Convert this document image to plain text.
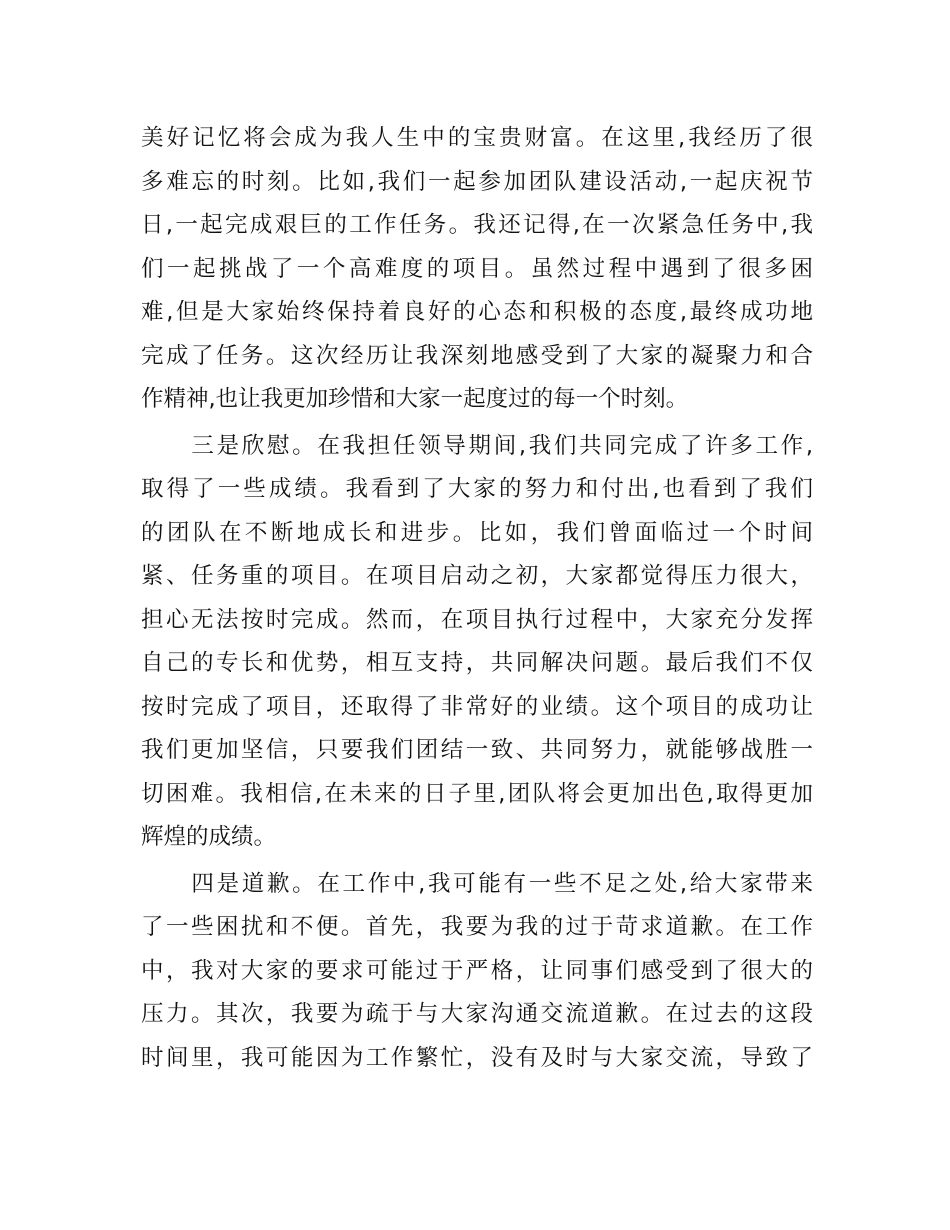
美好记忆将会成为我人生中的宝贵财富。在这里,我经历了很
多难忘的时刻。比如,我们一起参加团队建设活动,一起庆祝节
日,一起完成艰巨的工作任务。我还记得,在一次紧急任务中,我
们一起挑战了一个高难度的项目。虽然过程中遇到了很多困
难,但是大家始终保持着良好的心态和积极的态度,最终成功地
完成了任务。这次经历让我深刻地感受到了大家的凝聚力和合
作精神,也让我更加珍惜和大家一起度过的每一个时刻。
　　三是欣慰。在我担任领导期间,我们共同完成了许多工作,
取得了一些成绩。我看到了大家的努力和付出,也看到了我们
的团队在不断地成长和进步。比如，我们曾面临过一个时间
紧、任务重的项目。在项目启动之初，大家都觉得压力很大，
担心无法按时完成。然而，在项目执行过程中，大家充分发挥
自己的专长和优势，相互支持，共同解决问题。最后我们不仅
按时完成了项目，还取得了非常好的业绩。这个项目的成功让
我们更加坚信，只要我们团结一致、共同努力，就能够战胜一
切困难。我相信,在未来的日子里,团队将会更加出色,取得更加
辉煌的成绩。
　　四是道歉。在工作中,我可能有一些不足之处,给大家带来
了一些困扰和不便。首先，我要为我的过于苛求道歉。在工作
中，我对大家的要求可能过于严格，让同事们感受到了很大的
压力。其次，我要为疏于与大家沟通交流道歉。在过去的这段
时间里，我可能因为工作繁忙，没有及时与大家交流，导致了
